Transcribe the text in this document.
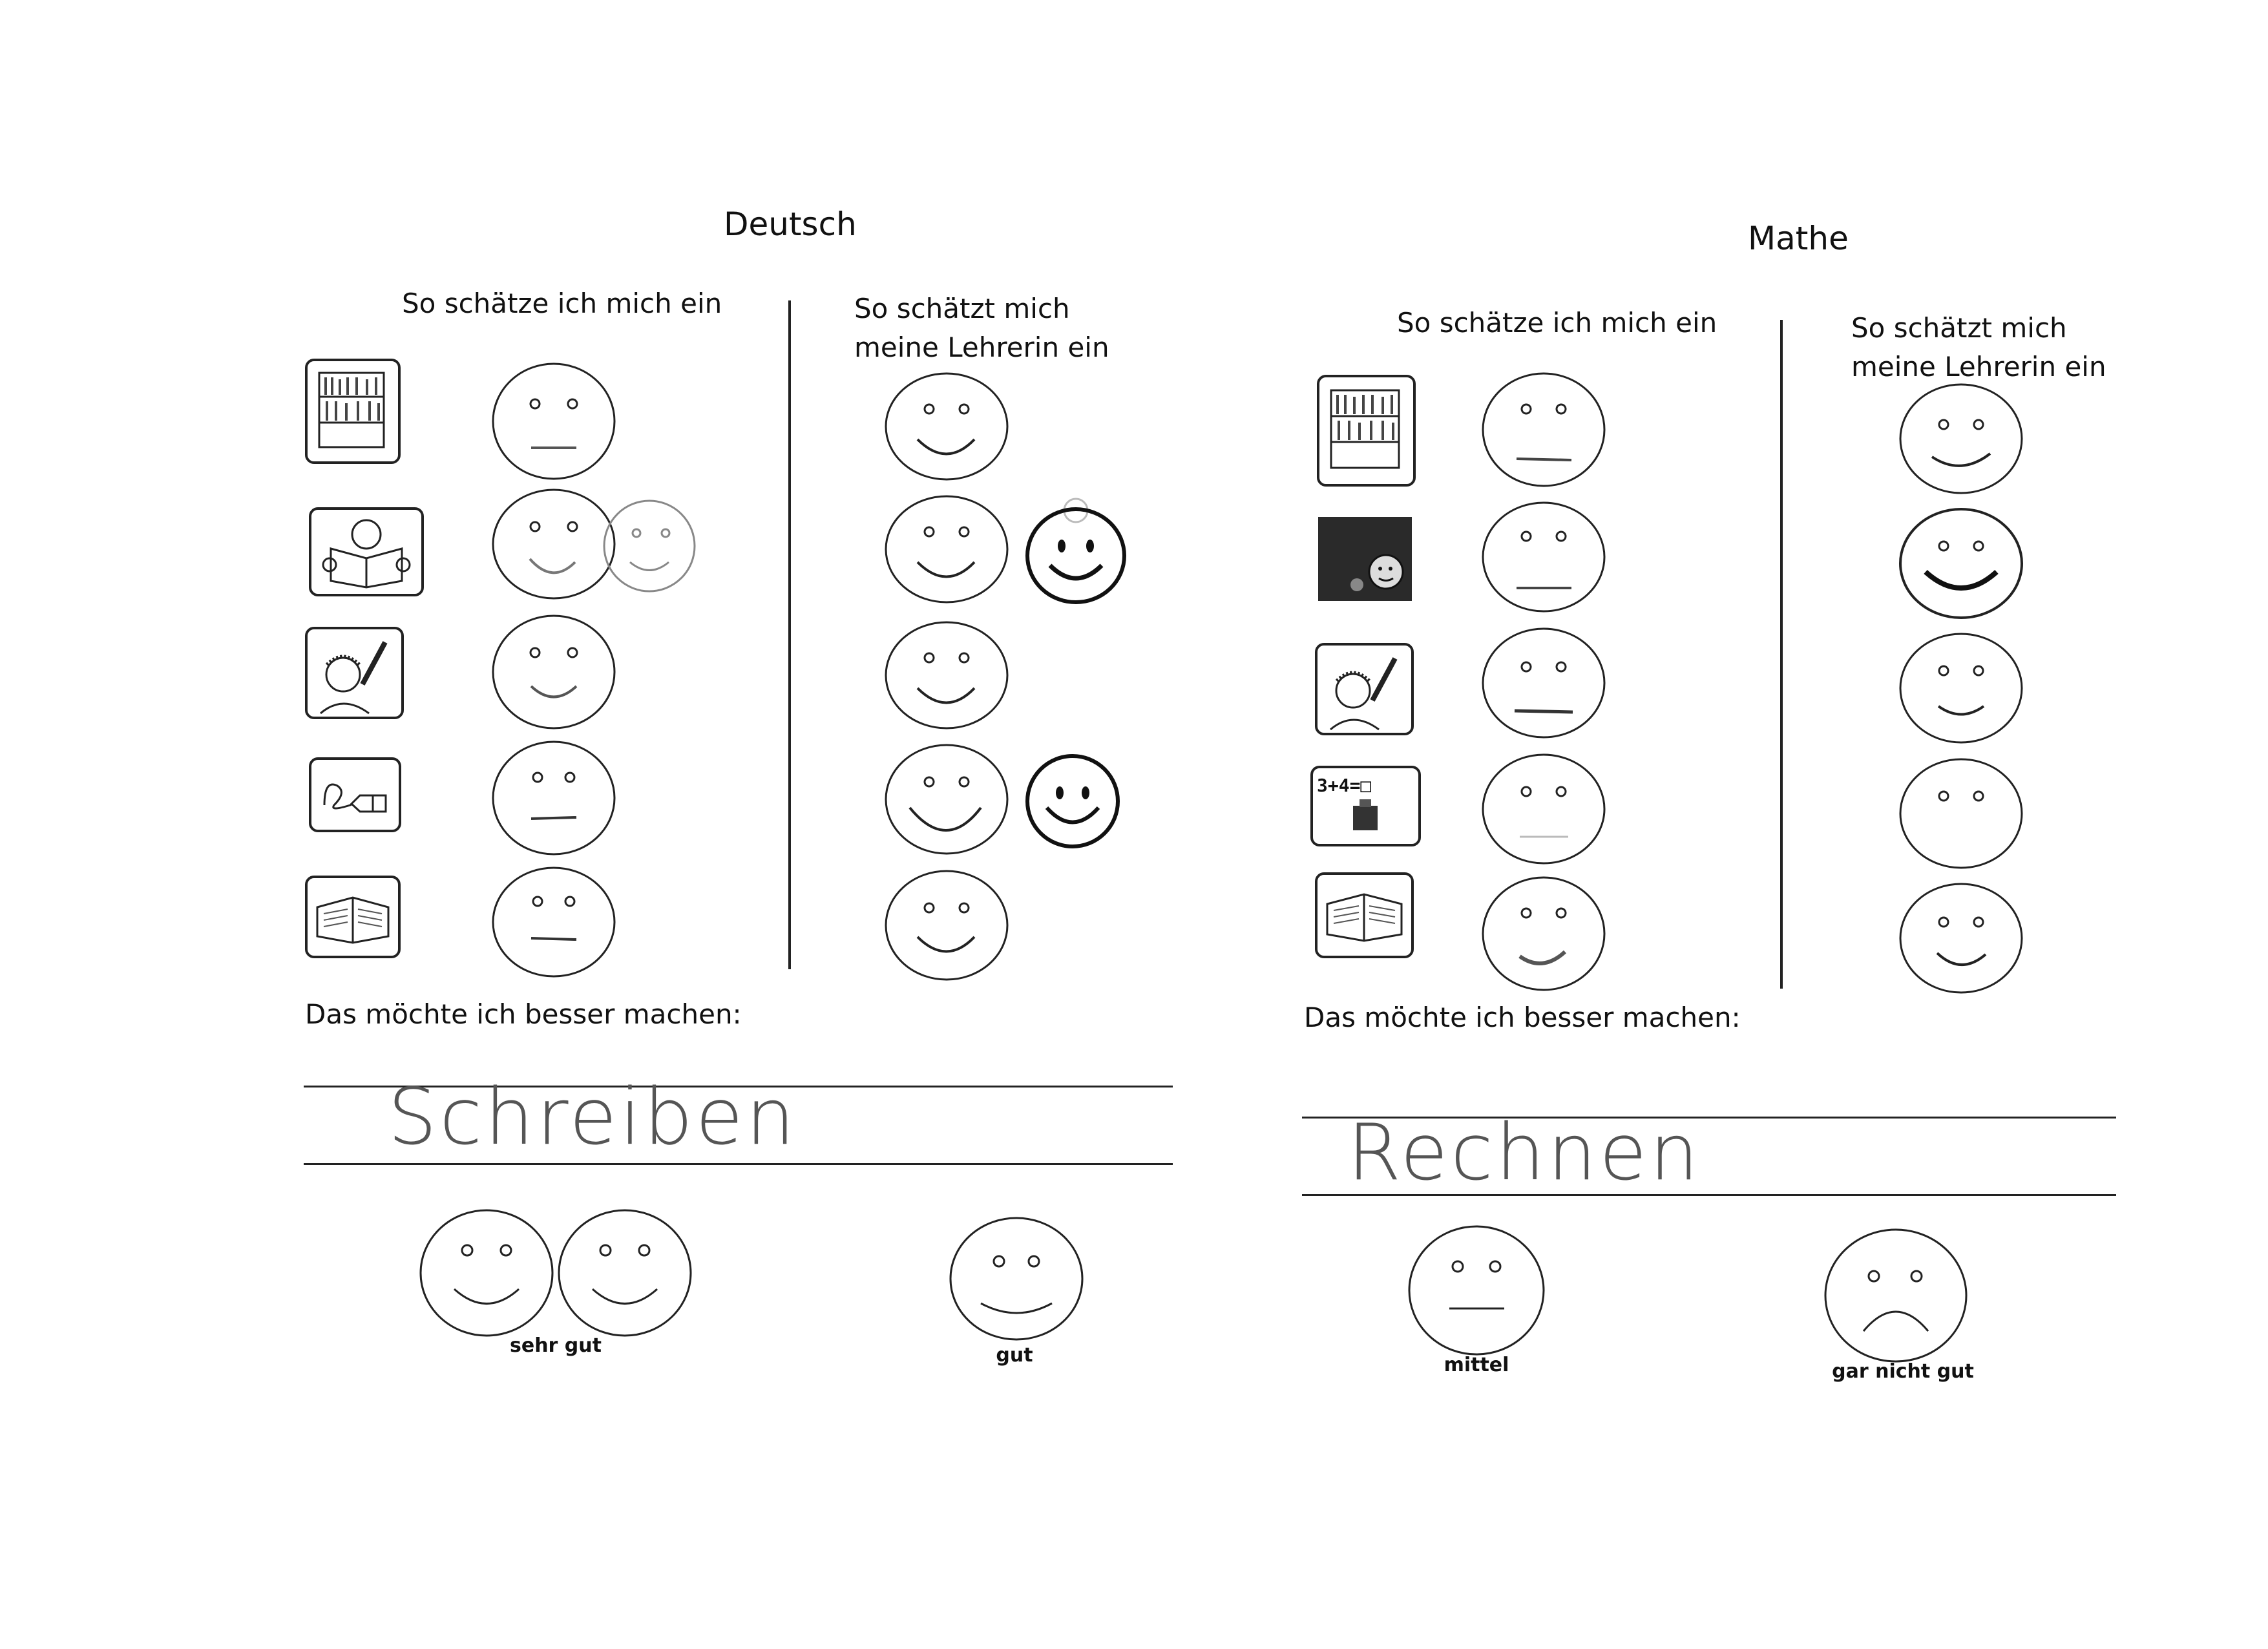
Deutsch
So schätze ich mich ein	So schätzt mich
meine Lehrerin ein
Das möchte ich besser machen:
Schreiben
sehr gut	gut
Mathe
So schätze ich mich ein	So schätzt mich
meine Lehrerin ein
3+4=□
Das möchte ich besser machen:
Rechnen
mittel	gar nicht gut
